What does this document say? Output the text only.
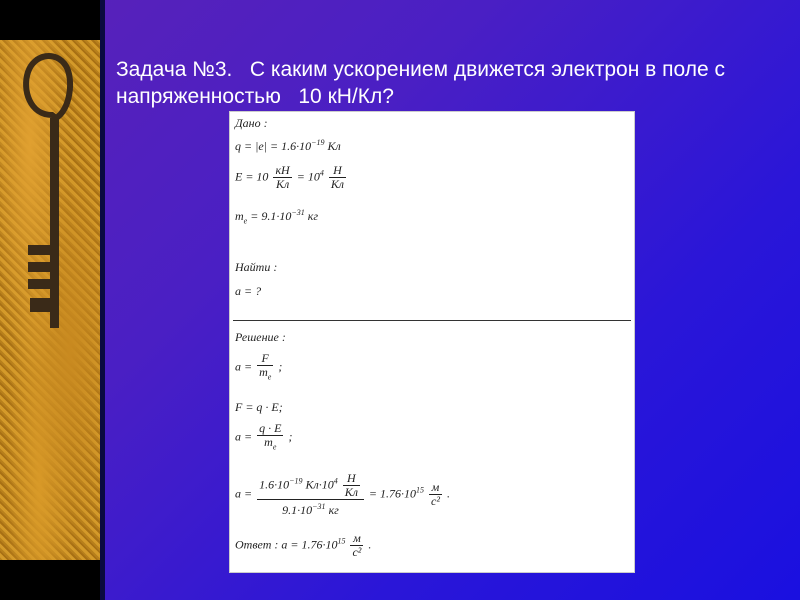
Задача №3.   С каким ускорением движется электрон в поле с напряженностью   10 кН/Кл?
Дано :
$q = |e| = 1.6\cdot 10^{-19}$ Кл
$E = 10 \frac{кН}{Кл} = 10^4 \frac{Н}{Кл}$
$m_e = 9.1\cdot 10^{-31}$ кг
Найти :
a = ?
Решение :
$a = \frac{F}{m_e}$ ;
F = q · E;
$a = \frac{q \cdot E}{m_e}$ ;
$a = \frac{1.6\cdot 10^{-19} Кл\cdot 10^4 \frac{Н}{Кл}}{9.1\cdot 10^{-31} кг} = 1.76\cdot 10^{15} \frac{м}{\text{с²}}$ .
Ответ : $a = 1.76\cdot 10^{15} \frac{м}{\text{с²}}$ .
